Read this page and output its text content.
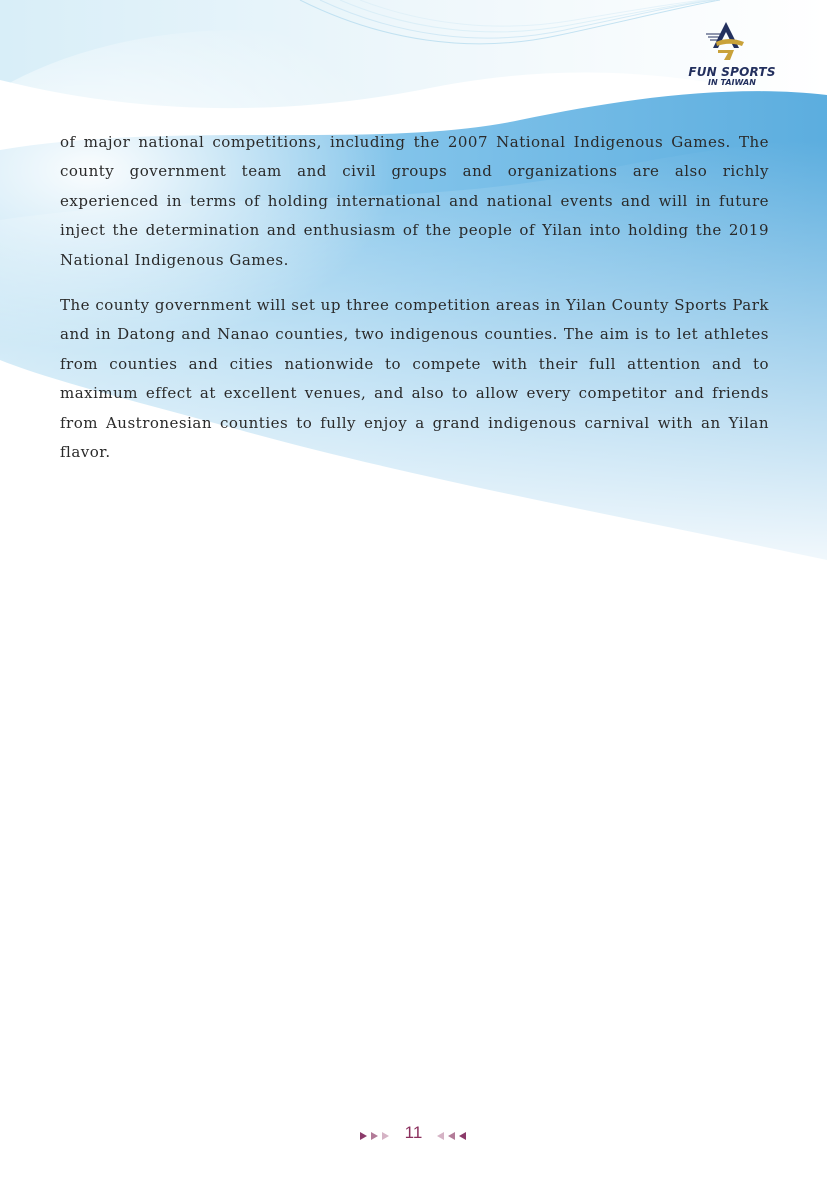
FUN SPORTS
IN TAIWAN

of major national competitions, including the 2007 National Indigenous Games. The county government team and civil groups and organizations are also richly experienced in terms of holding international and national events and will in future inject the determination and enthusiasm of the people of Yilan into holding the 2019 National Indigenous Games.

The county government will set up three competition areas in Yilan County Sports Park and in Datong and Nanao counties, two indigenous counties. The aim is to let athletes from counties and cities nationwide to compete with their full attention and to maximum effect at excellent venues, and also to allow every competitor and friends from Austronesian counties to fully enjoy a grand indigenous carnival with an Yilan flavor.

11
